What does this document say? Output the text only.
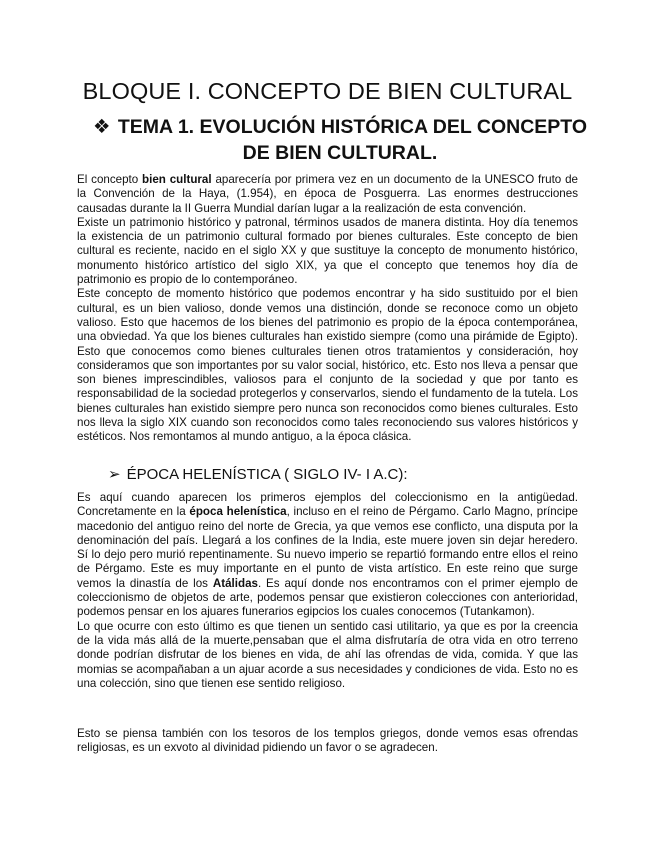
BLOQUE I. CONCEPTO DE BIEN CULTURAL
❖ TEMA 1. EVOLUCIÓN HISTÓRICA DEL CONCEPTO DE BIEN CULTURAL.

El concepto bien cultural aparecería por primera vez en un documento de la UNESCO fruto de la Convención de la Haya, (1.954), en época de Posguerra. Las enormes destrucciones causadas durante la II Guerra Mundial darían lugar a la realización de esta convención.

Existe un patrimonio histórico y patronal, términos usados de manera distinta. Hoy día tenemos la existencia de un patrimonio cultural formado por bienes culturales. Este concepto de bien cultural es reciente, nacido en el siglo XX y que sustituye la concepto de monumento histórico, monumento histórico artístico del siglo XIX, ya que el concepto que tenemos hoy día de patrimonio es propio de lo contemporáneo.

Este concepto de momento histórico que podemos encontrar y ha sido sustituido por el bien cultural, es un bien valioso, donde vemos una distinción, donde se reconoce como un objeto valioso. Esto que hacemos de los bienes del patrimonio es propio de la época contemporánea, una obviedad. Ya que los bienes culturales han existido siempre (como una pirámide de Egipto). Esto que conocemos como bienes culturales tienen otros tratamientos y consideración, hoy consideramos que son importantes por su valor social, histórico, etc. Esto nos lleva a pensar que son bienes imprescindibles, valiosos para el conjunto de la sociedad y que por tanto es responsabilidad de la sociedad protegerlos y conservarlos, siendo el fundamento de la tutela. Los bienes culturales han existido siempre pero nunca son reconocidos como bienes culturales. Esto nos lleva la siglo XIX cuando son reconocidos como tales reconociendo sus valores históricos y estéticos. Nos remontamos al mundo antiguo, a la época clásica.

➢ ÉPOCA HELENÍSTICA ( SIGLO IV- I A.C):

Es aquí cuando aparecen los primeros ejemplos del coleccionismo en la antigüedad. Concretamente en la época helenística, incluso en el reino de Pérgamo. Carlo Magno, príncipe macedonio del antiguo reino del norte de Grecia, ya que vemos ese conflicto, una disputa por la denominación del país. Llegará a los confines de la India, este muere joven sin dejar heredero. Sí lo dejo pero murió repentinamente. Su nuevo imperio se repartió formando entre ellos el reino de Pérgamo. Este es muy importante en el punto de vista artístico. En este reino que surge vemos la dinastía de los Atálidas. Es aquí donde nos encontramos con el primer ejemplo de coleccionismo de objetos de arte, podemos pensar que existieron colecciones con anterioridad, podemos pensar en los ajuares funerarios egipcios los cuales conocemos (Tutankamon).

Lo que ocurre con esto último es que tienen un sentido casi utilitario, ya que es por la creencia de la vida más allá de la muerte,pensaban que el alma disfrutaría de otra vida en otro terreno donde podrían disfrutar de los bienes en vida, de ahí las ofrendas de vida, comida. Y que las momias se acompañaban a un ajuar acorde a sus necesidades y condiciones de vida. Esto no es una colección, sino que tienen ese sentido religioso.

Esto se piensa también con los tesoros de los templos griegos, donde vemos esas ofrendas religiosas, es un exvoto al divinidad pidiendo un favor o se agradecen.
